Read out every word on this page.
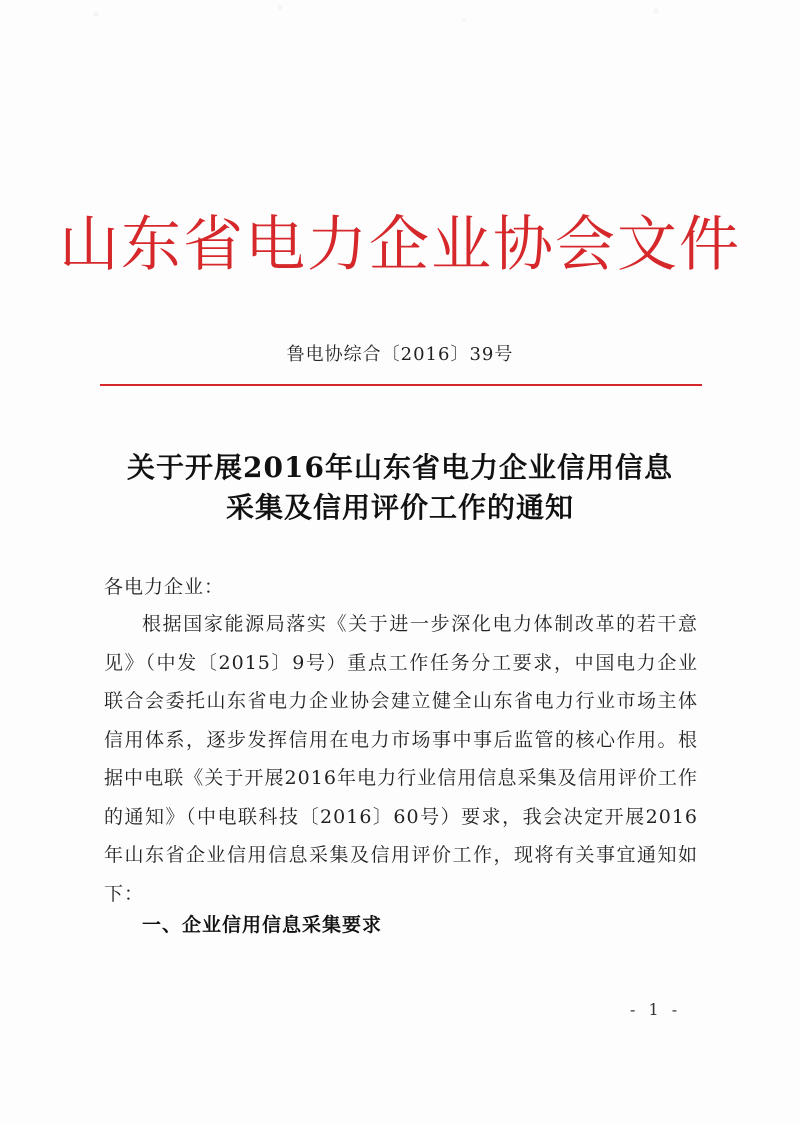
山东省电力企业协会文件
鲁电协综合〔2016〕39号
关于开展2016年山东省电力企业信用信息
采集及信用评价工作的通知
各电力企业：
根据国家能源局落实《关于进一步深化电力体制改革的若干意见》（中发〔2015〕9号）重点工作任务分工要求，中国电力企业联合会委托山东省电力企业协会建立健全山东省电力行业市场主体信用体系，逐步发挥信用在电力市场事中事后监管的核心作用。根据中电联《关于开展2016年电力行业信用信息采集及信用评价工作的通知》（中电联科技〔2016〕60号）要求，我会决定开展2016年山东省企业信用信息采集及信用评价工作，现将有关事宜通知如下：
一、企业信用信息采集要求
- 1 -
